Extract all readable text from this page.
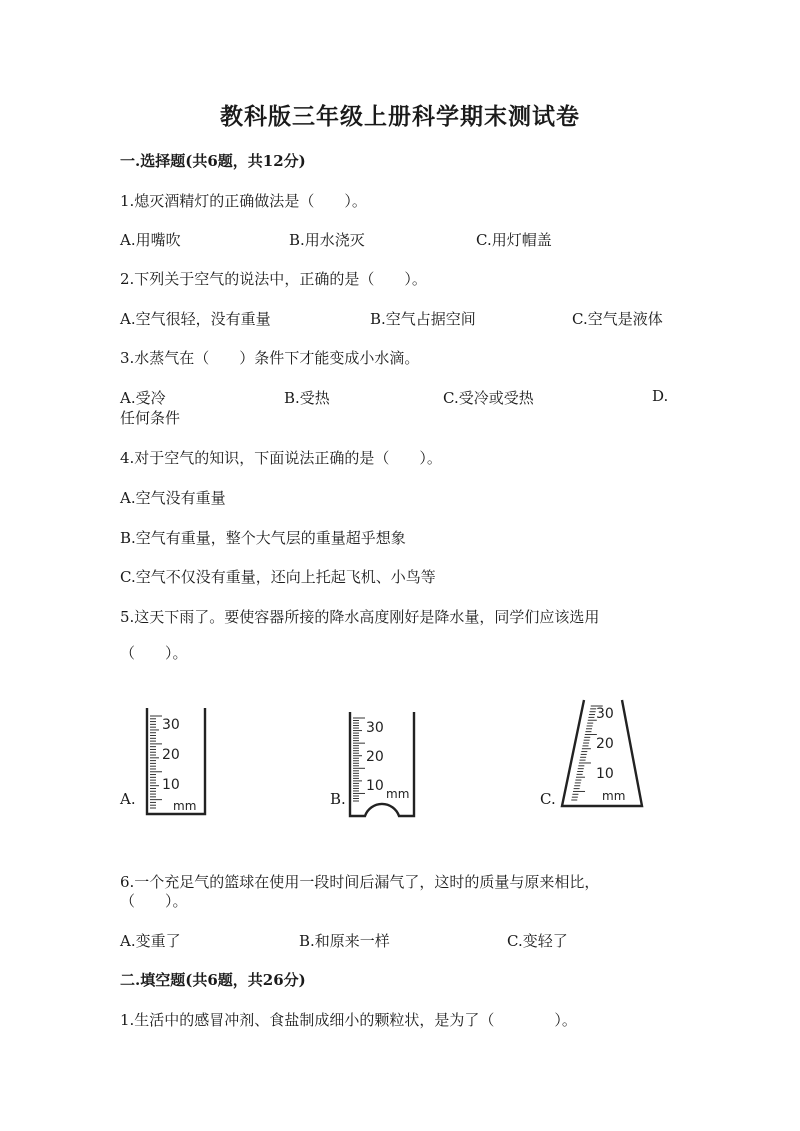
教科版三年级上册科学期末测试卷
一.选择题(共6题，共12分)
1.熄灭酒精灯的正确做法是（　　）。
A.用嘴吹	B.用水浇灭	C.用灯帽盖
2.下列关于空气的说法中，正确的是（　　）。
A.空气很轻，没有重量	B.空气占据空间	C.空气是液体
3.水蒸气在（　　）条件下才能变成小水滴。
A.受冷	B.受热	C.受冷或受热	D.
任何条件
4.对于空气的知识，下面说法正确的是（　　）。
A.空气没有重量
B.空气有重量，整个大气层的重量超乎想象
C.空气不仅没有重量，还向上托起飞机、小鸟等
5.这天下雨了。要使容器所接的降水高度刚好是降水量，同学们应该选用
（　　）。
A.
30
20
10
mm	B.
30
20
10 mm	C.
30
20
10
mm
6.一个充足气的篮球在使用一段时间后漏气了，这时的质量与原来相比，
（　　）。
A.变重了	B.和原来一样	C.变轻了
二.填空题(共6题，共26分)
1.生活中的感冒冲剂、食盐制成细小的颗粒状，是为了（　　　　）。
